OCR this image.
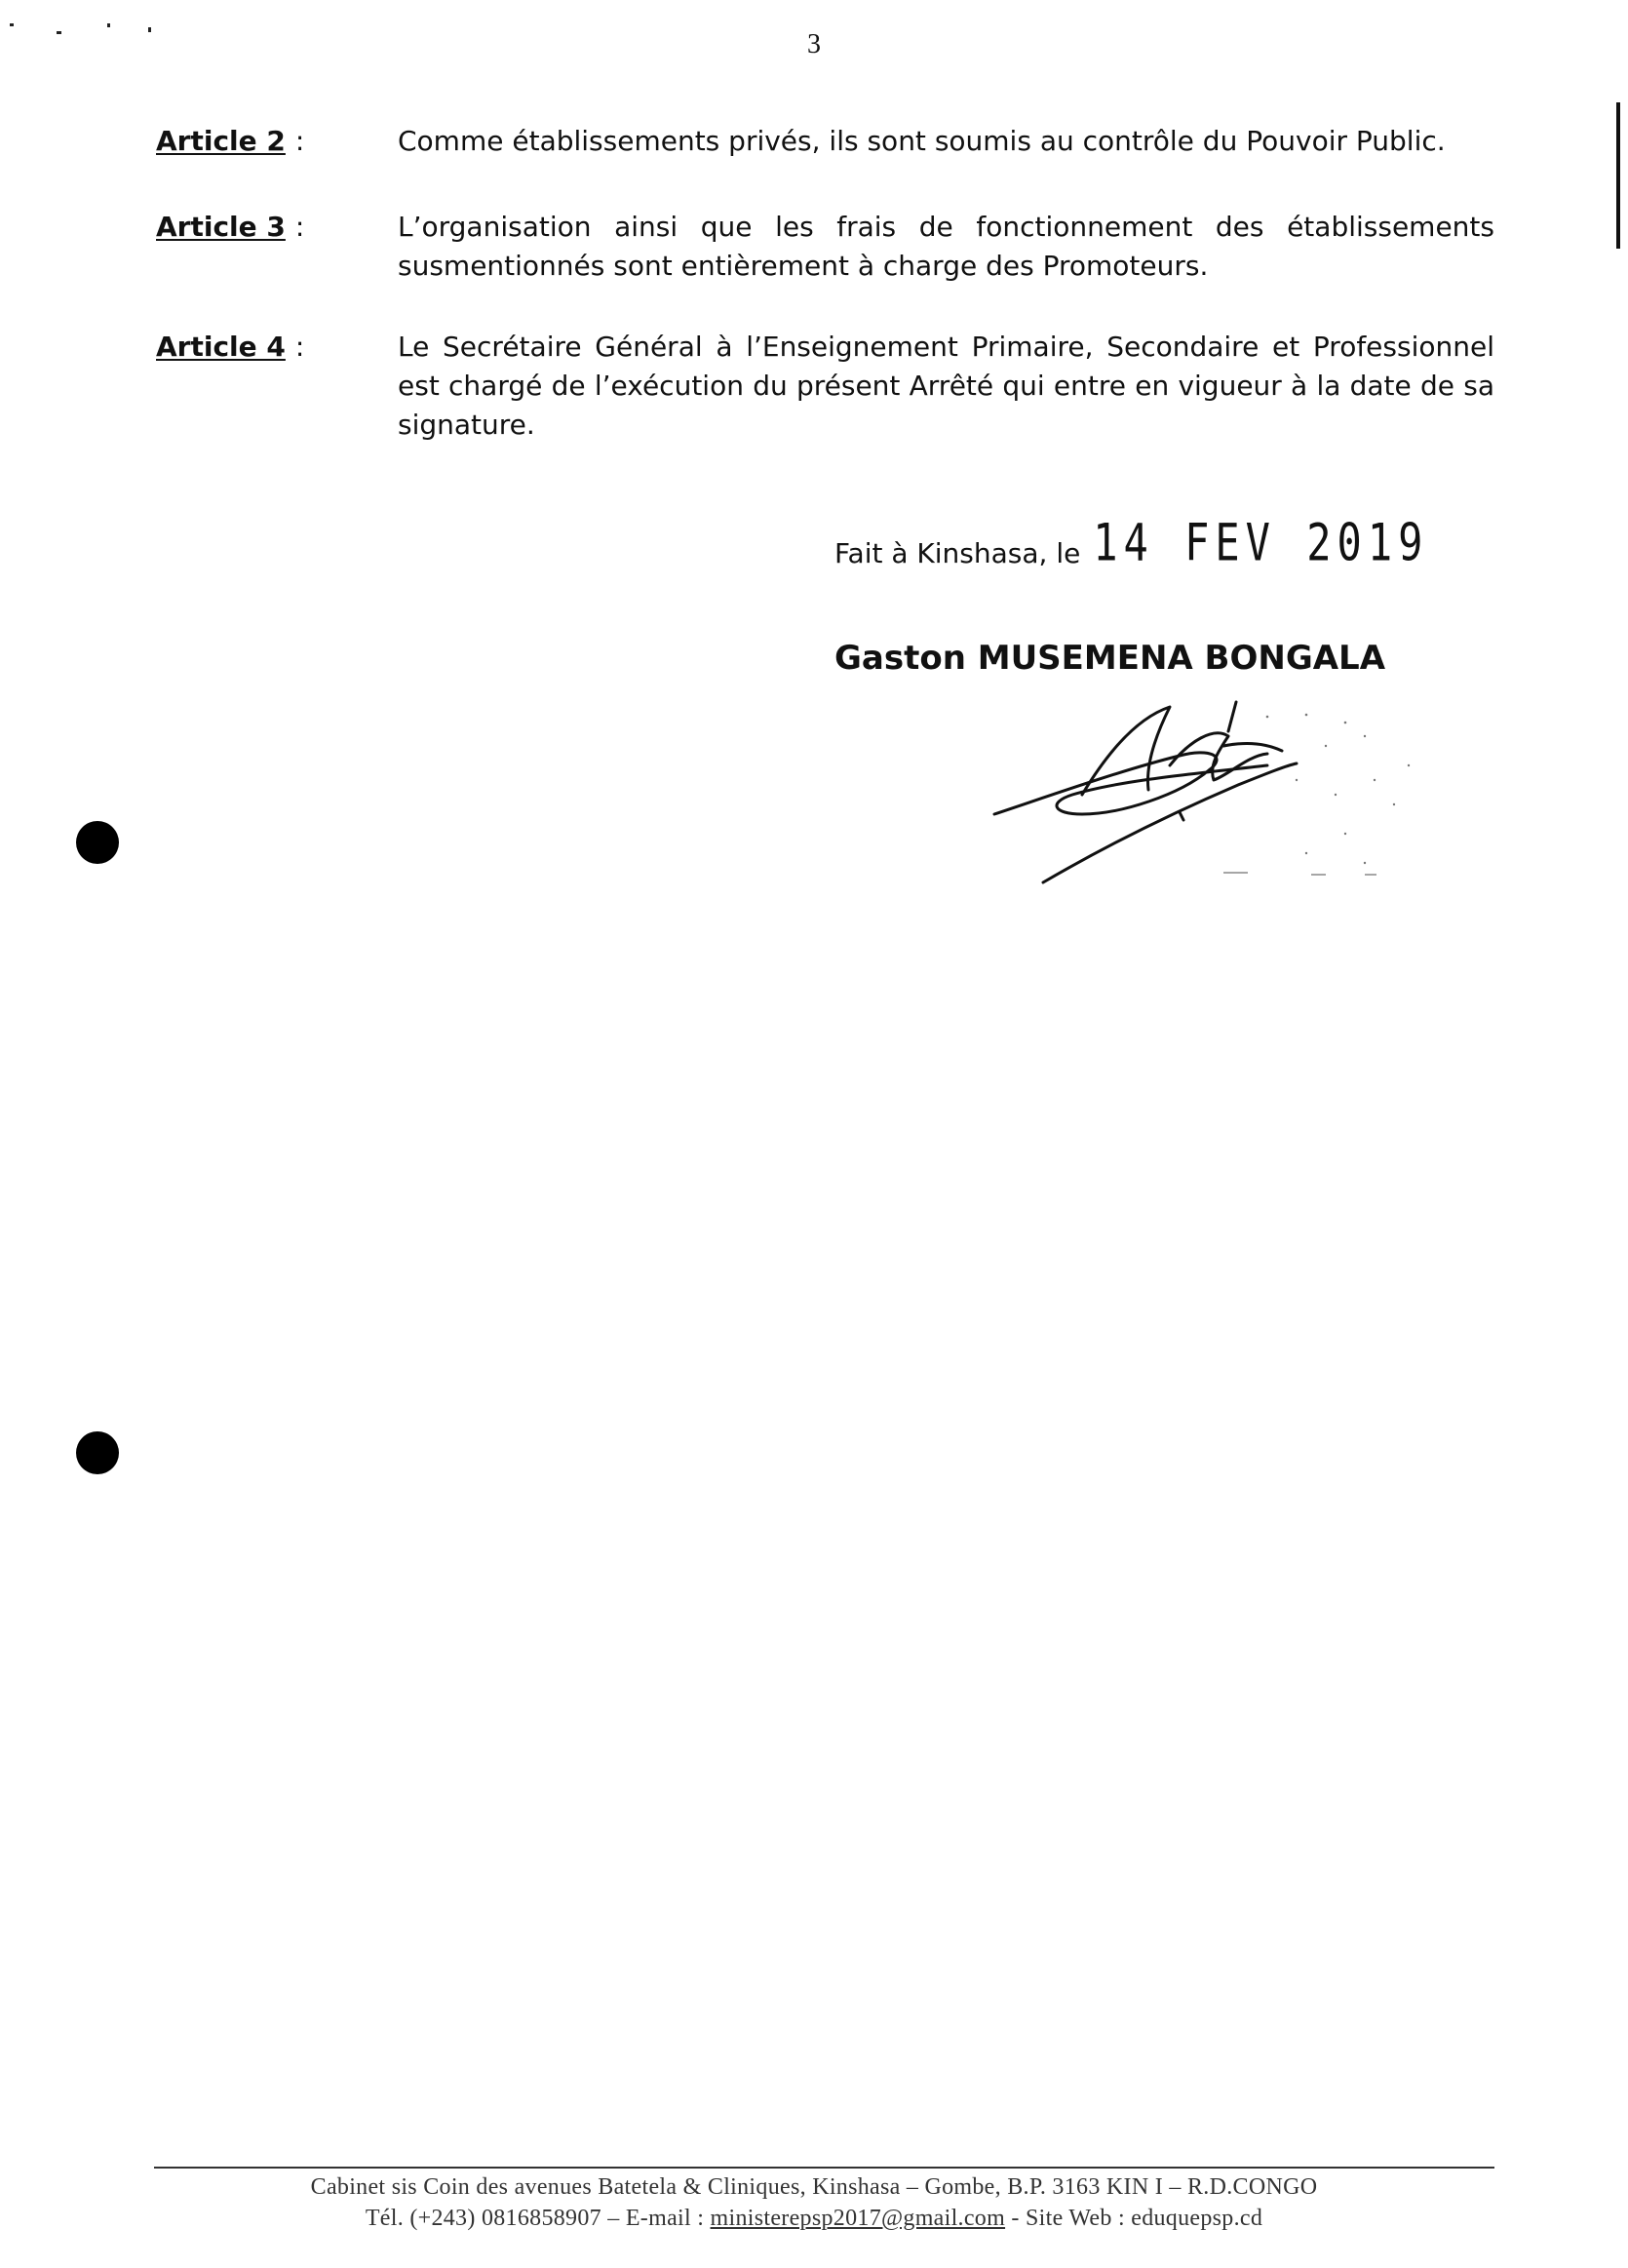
3
Article 2 :	Comme établissements privés, ils sont soumis au contrôle du Pouvoir Public.
Article 3 :	L’organisation ainsi que les frais de fonctionnement des établissements susmentionnés sont entièrement à charge des Promoteurs.
Article 4 :	Le Secrétaire Général à l’Enseignement Primaire, Secondaire et Professionnel est chargé de l’exécution du présent Arrêté qui entre en vigueur à la date de sa signature.
Fait à Kinshasa, le 14 FEV 2019
Gaston MUSEMENA BONGALA
Cabinet sis Coin des avenues Batetela & Cliniques, Kinshasa – Gombe, B.P. 3163 KIN I – R.D.CONGO
Tél. (+243) 0816858907 – E-mail : ministerepsp2017@gmail.com - Site Web : eduquepsp.cd
